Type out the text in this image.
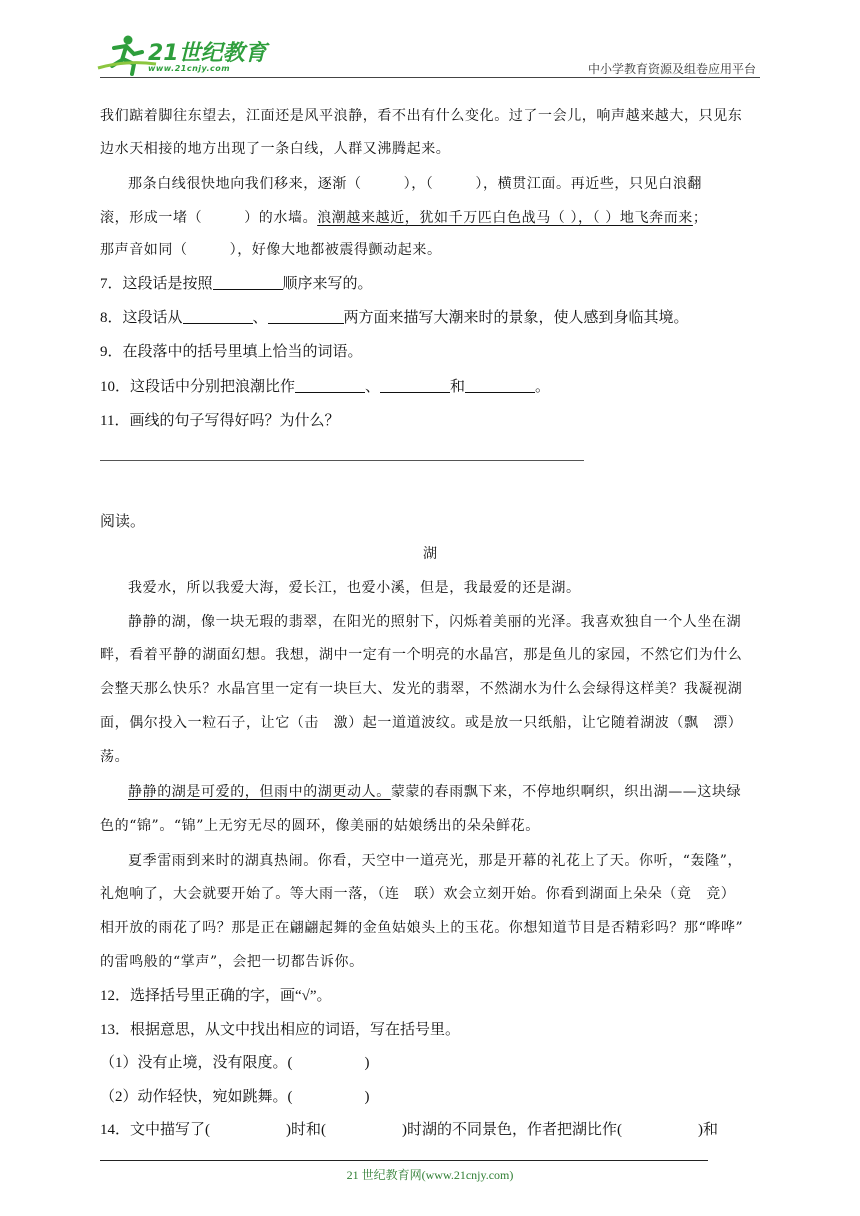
21世纪教育
www.21cnjy.com	中小学教育资源及组卷应用平台
我们踮着脚往东望去，江面还是风平浪静，看不出有什么变化。过了一会儿，响声越来越大，只见东
边水天相接的地方出现了一条白线，人群又沸腾起来。
那条白线很快地向我们移来，逐渐（	），（	），横贯江面。再近些，只见白浪翻
滚，形成一堵（	）的水墙。浪潮越来越近，犹如千万匹白色战马（ ），（ ）地飞奔而来；
那声音如同（	），好像大地都被震得颤动起来。
7．这段话是按照	顺序来写的。
8．这段话从	、	两方面来描写大潮来时的景象，使人感到身临其境。
9．在段落中的括号里填上恰当的词语。
10．这段话中分别把浪潮比作	、	和	。
11．画线的句子写得好吗？为什么？
阅读。
湖
我爱水，所以我爱大海，爱长江，也爱小溪，但是，我最爱的还是湖。
静静的湖，像一块无瑕的翡翠，在阳光的照射下，闪烁着美丽的光泽。我喜欢独自一个人坐在湖
畔，看着平静的湖面幻想。我想，湖中一定有一个明亮的水晶宫，那是鱼儿的家园，不然它们为什么
会整天那么快乐？水晶宫里一定有一块巨大、发光的翡翠，不然湖水为什么会绿得这样美？我凝视湖
面，偶尔投入一粒石子，让它（击　激）起一道道波纹。或是放一只纸船，让它随着湖波（飘　漂）
荡。
静静的湖是可爱的，但雨中的湖更动人。蒙蒙的春雨飘下来，不停地织啊织，织出湖——这块绿
色的“锦”。“锦”上无穷无尽的圆环，像美丽的姑娘绣出的朵朵鲜花。
夏季雷雨到来时的湖真热闹。你看，天空中一道亮光，那是开幕的礼花上了天。你听，“轰隆”，
礼炮响了，大会就要开始了。等大雨一落，（连　联）欢会立刻开始。你看到湖面上朵朵（竟　竞）
相开放的雨花了吗？那是正在翩翩起舞的金鱼姑娘头上的玉花。你想知道节目是否精彩吗？那“哗哗”
的雷鸣般的“掌声”，会把一切都告诉你。
12．选择括号里正确的字，画“√”。
13．根据意思，从文中找出相应的词语，写在括号里。
（1）没有止境，没有限度。(	)
（2）动作轻快，宛如跳舞。(	)
14．文中描写了(	)时和(	)时湖的不同景色，作者把湖比作(	)和
21 世纪教育网(www.21cnjy.com)
